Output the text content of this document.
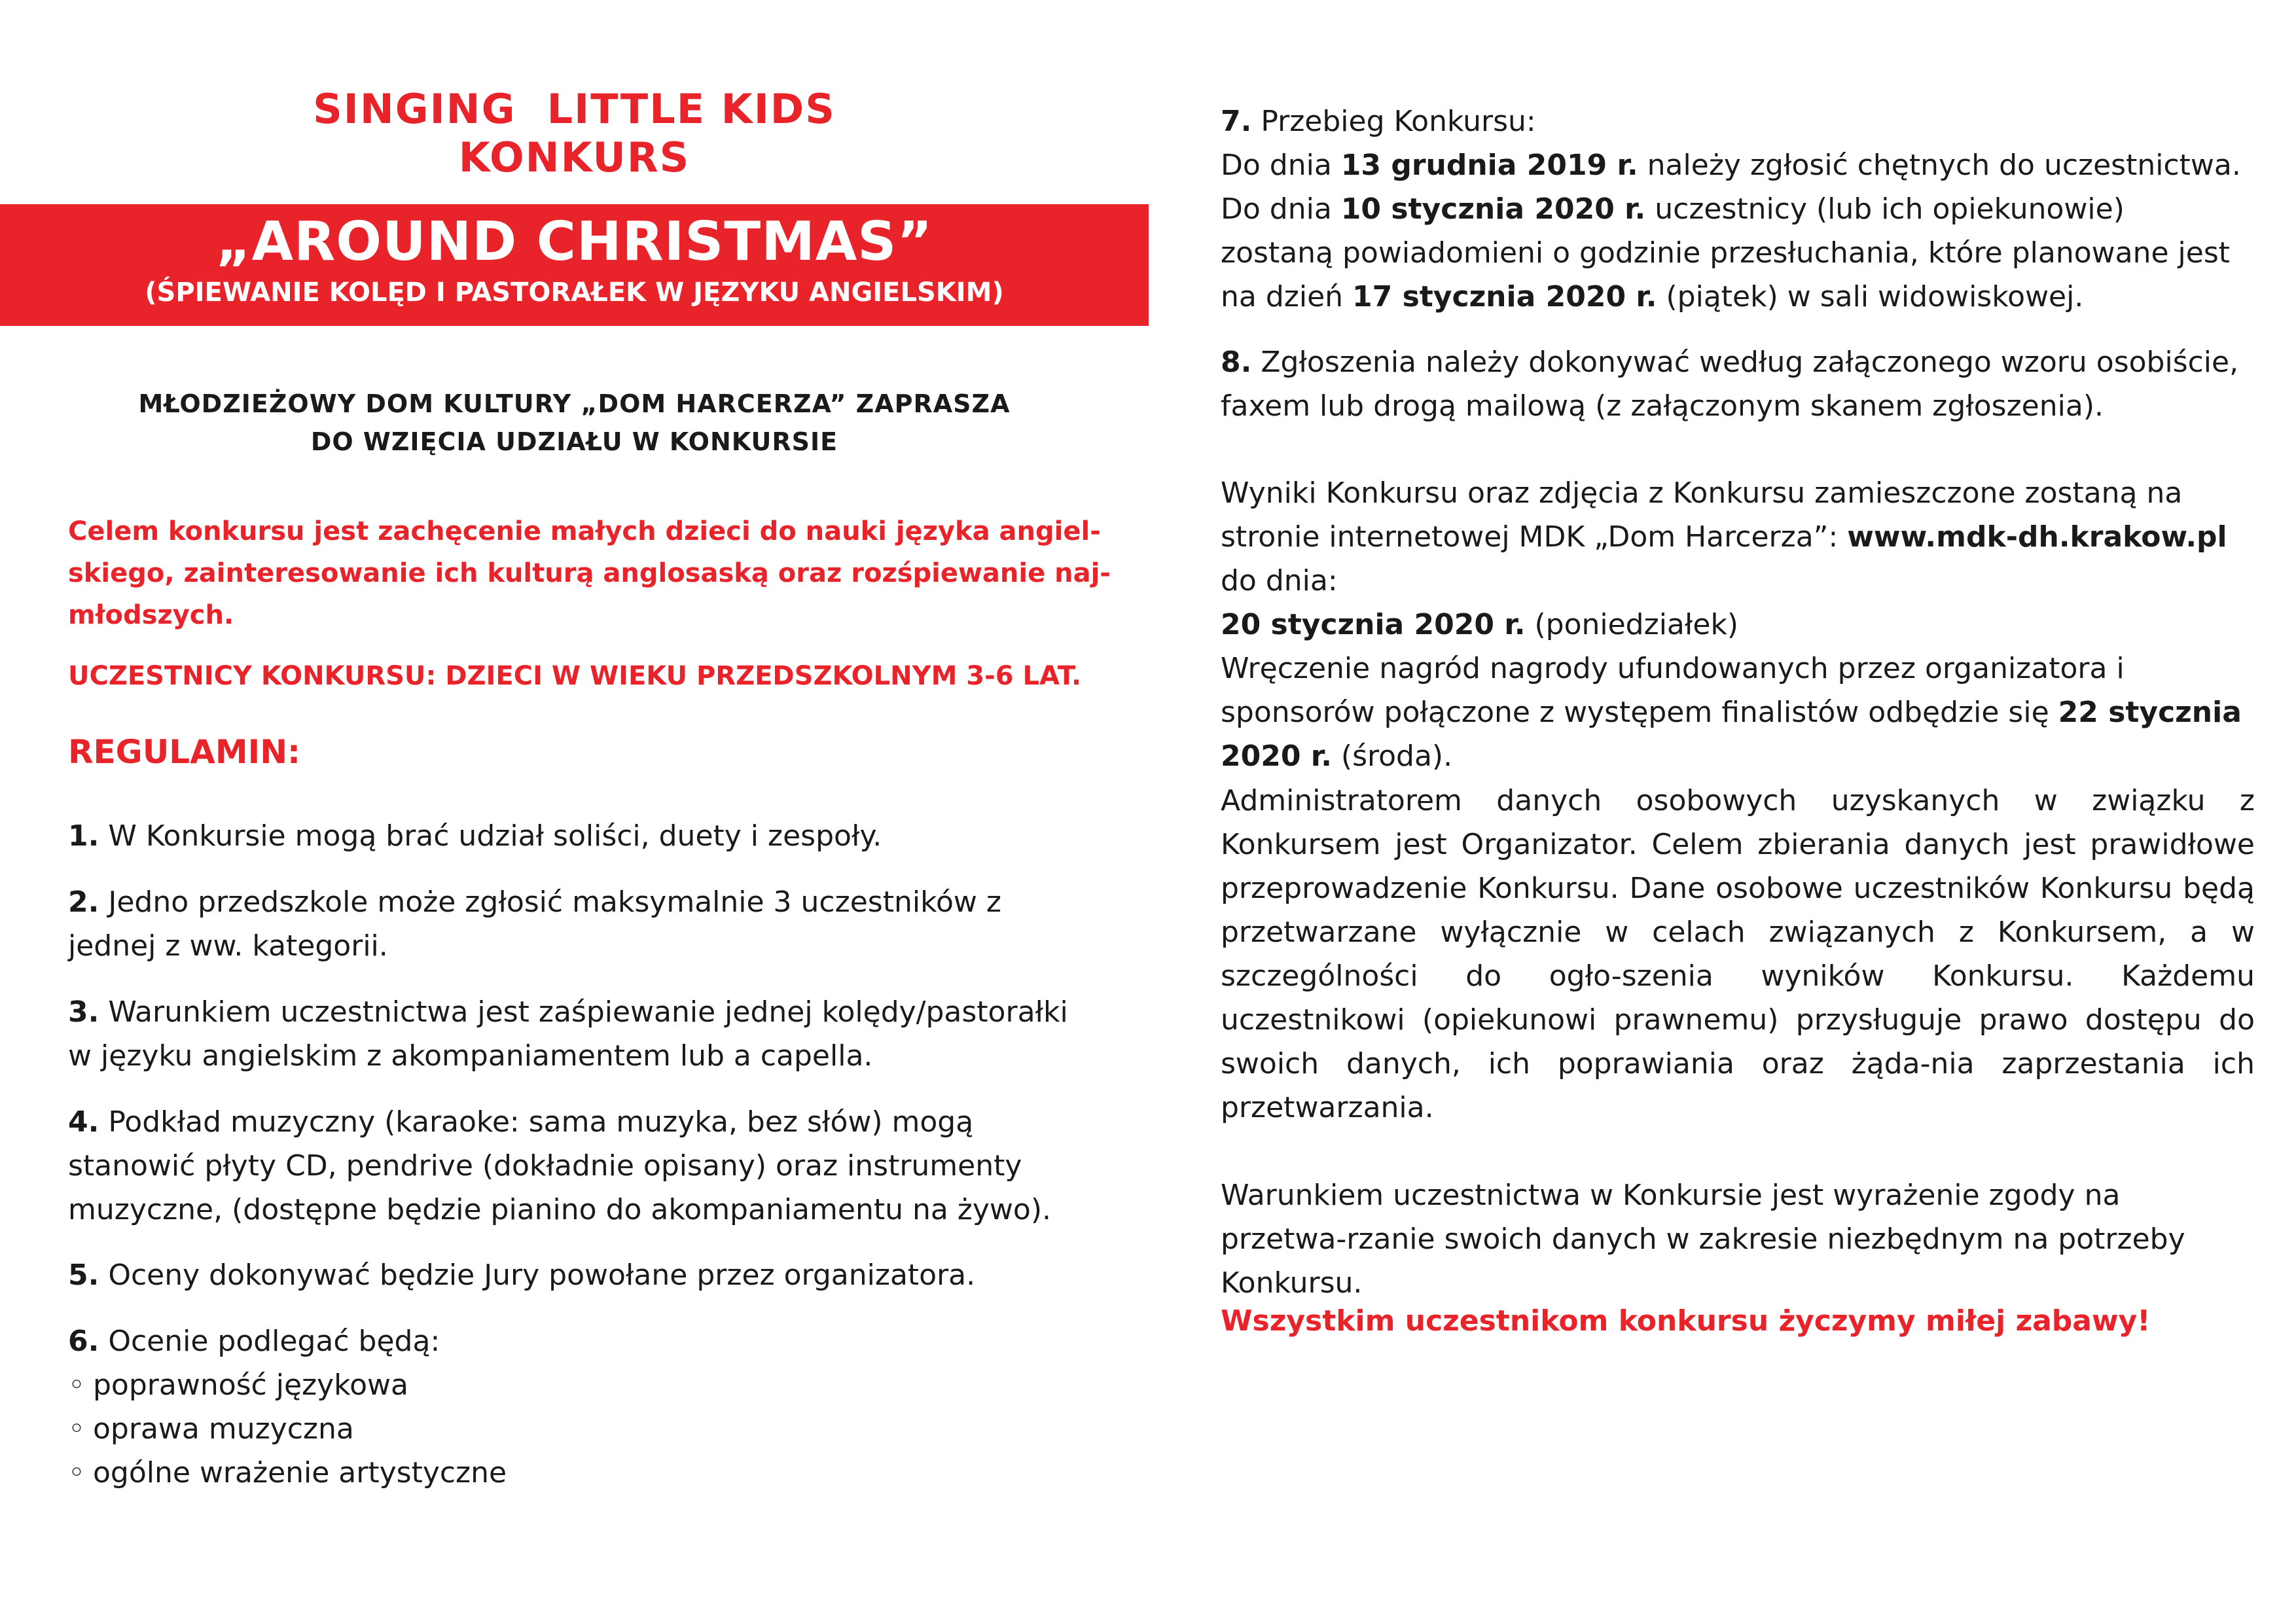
SINGING  LITTLE KIDS
KONKURS
„AROUND CHRISTMAS”
(ŚPIEWANIE KOLĘD I PASTORAŁEK W JĘZYKU ANGIELSKIM)
MŁODZIEŻOWY DOM KULTURY „DOM HARCERZA” ZAPRASZA
DO WZIĘCIA UDZIAŁU W KONKURSIE
Celem konkursu jest zachęcenie małych dzieci do nauki języka angiel-skiego, zainteresowanie ich kulturą anglosaską oraz rozśpiewanie naj-młodszych.
UCZESTNICY KONKURSU: DZIECI W WIEKU PRZEDSZKOLNYM 3-6 LAT.
REGULAMIN:
1. W Konkursie mogą brać udział soliści, duety i zespoły.
2. Jedno przedszkole może zgłosić maksymalnie 3 uczestników z jednej z ww. kategorii.
3. Warunkiem uczestnictwa jest zaśpiewanie jednej kolędy/pastorałki w języku angielskim z akompaniamentem lub a capella.
4. Podkład muzyczny (karaoke: sama muzyka, bez słów) mogą stanowić płyty CD, pendrive (dokładnie opisany) oraz instrumenty muzyczne, (dostępne będzie pianino do akompaniamentu na żywo).
5. Oceny dokonywać będzie Jury powołane przez organizatora.
6. Ocenie podlegać będą:
◦ poprawność językowa
◦ oprawa muzyczna
◦ ogólne wrażenie artystyczne
7. Przebieg Konkursu:
Do dnia 13 grudnia 2019 r. należy zgłosić chętnych do uczestnictwa.
Do dnia 10 stycznia 2020 r. uczestnicy (lub ich opiekunowie) zostaną powiadomieni o godzinie przesłuchania, które planowane jest na dzień 17 stycznia 2020 r. (piątek) w sali widowiskowej.
8. Zgłoszenia należy dokonywać według załączonego wzoru osobiście, faxem lub drogą mailową (z załączonym skanem zgłoszenia).
Wyniki Konkursu oraz zdjęcia z Konkursu zamieszczone zostaną na stronie internetowej MDK „Dom Harcerza”: www.mdk-dh.krakow.pl do dnia:
20 stycznia 2020 r. (poniedziałek)
Wręczenie nagród nagrody ufundowanych przez organizatora i sponsorów połączone z występem finalistów odbędzie się 22 stycznia 2020 r. (środa).
Administratorem danych osobowych uzyskanych w związku z Konkursem jest Organizator. Celem zbierania danych jest prawidłowe przeprowadzenie Konkursu. Dane osobowe uczestników Konkursu będą przetwarzane wyłącznie w celach związanych z Konkursem, a w szczególności do ogło-szenia wyników Konkursu. Każdemu uczestnikowi (opiekunowi prawnemu) przysługuje prawo dostępu do swoich danych, ich poprawiania oraz żąda-nia zaprzestania ich przetwarzania.
Warunkiem uczestnictwa w Konkursie jest wyrażenie zgody na przetwa-rzanie swoich danych w zakresie niezbędnym na potrzeby Konkursu.
Wszystkim uczestnikom konkursu życzymy miłej zabawy!
